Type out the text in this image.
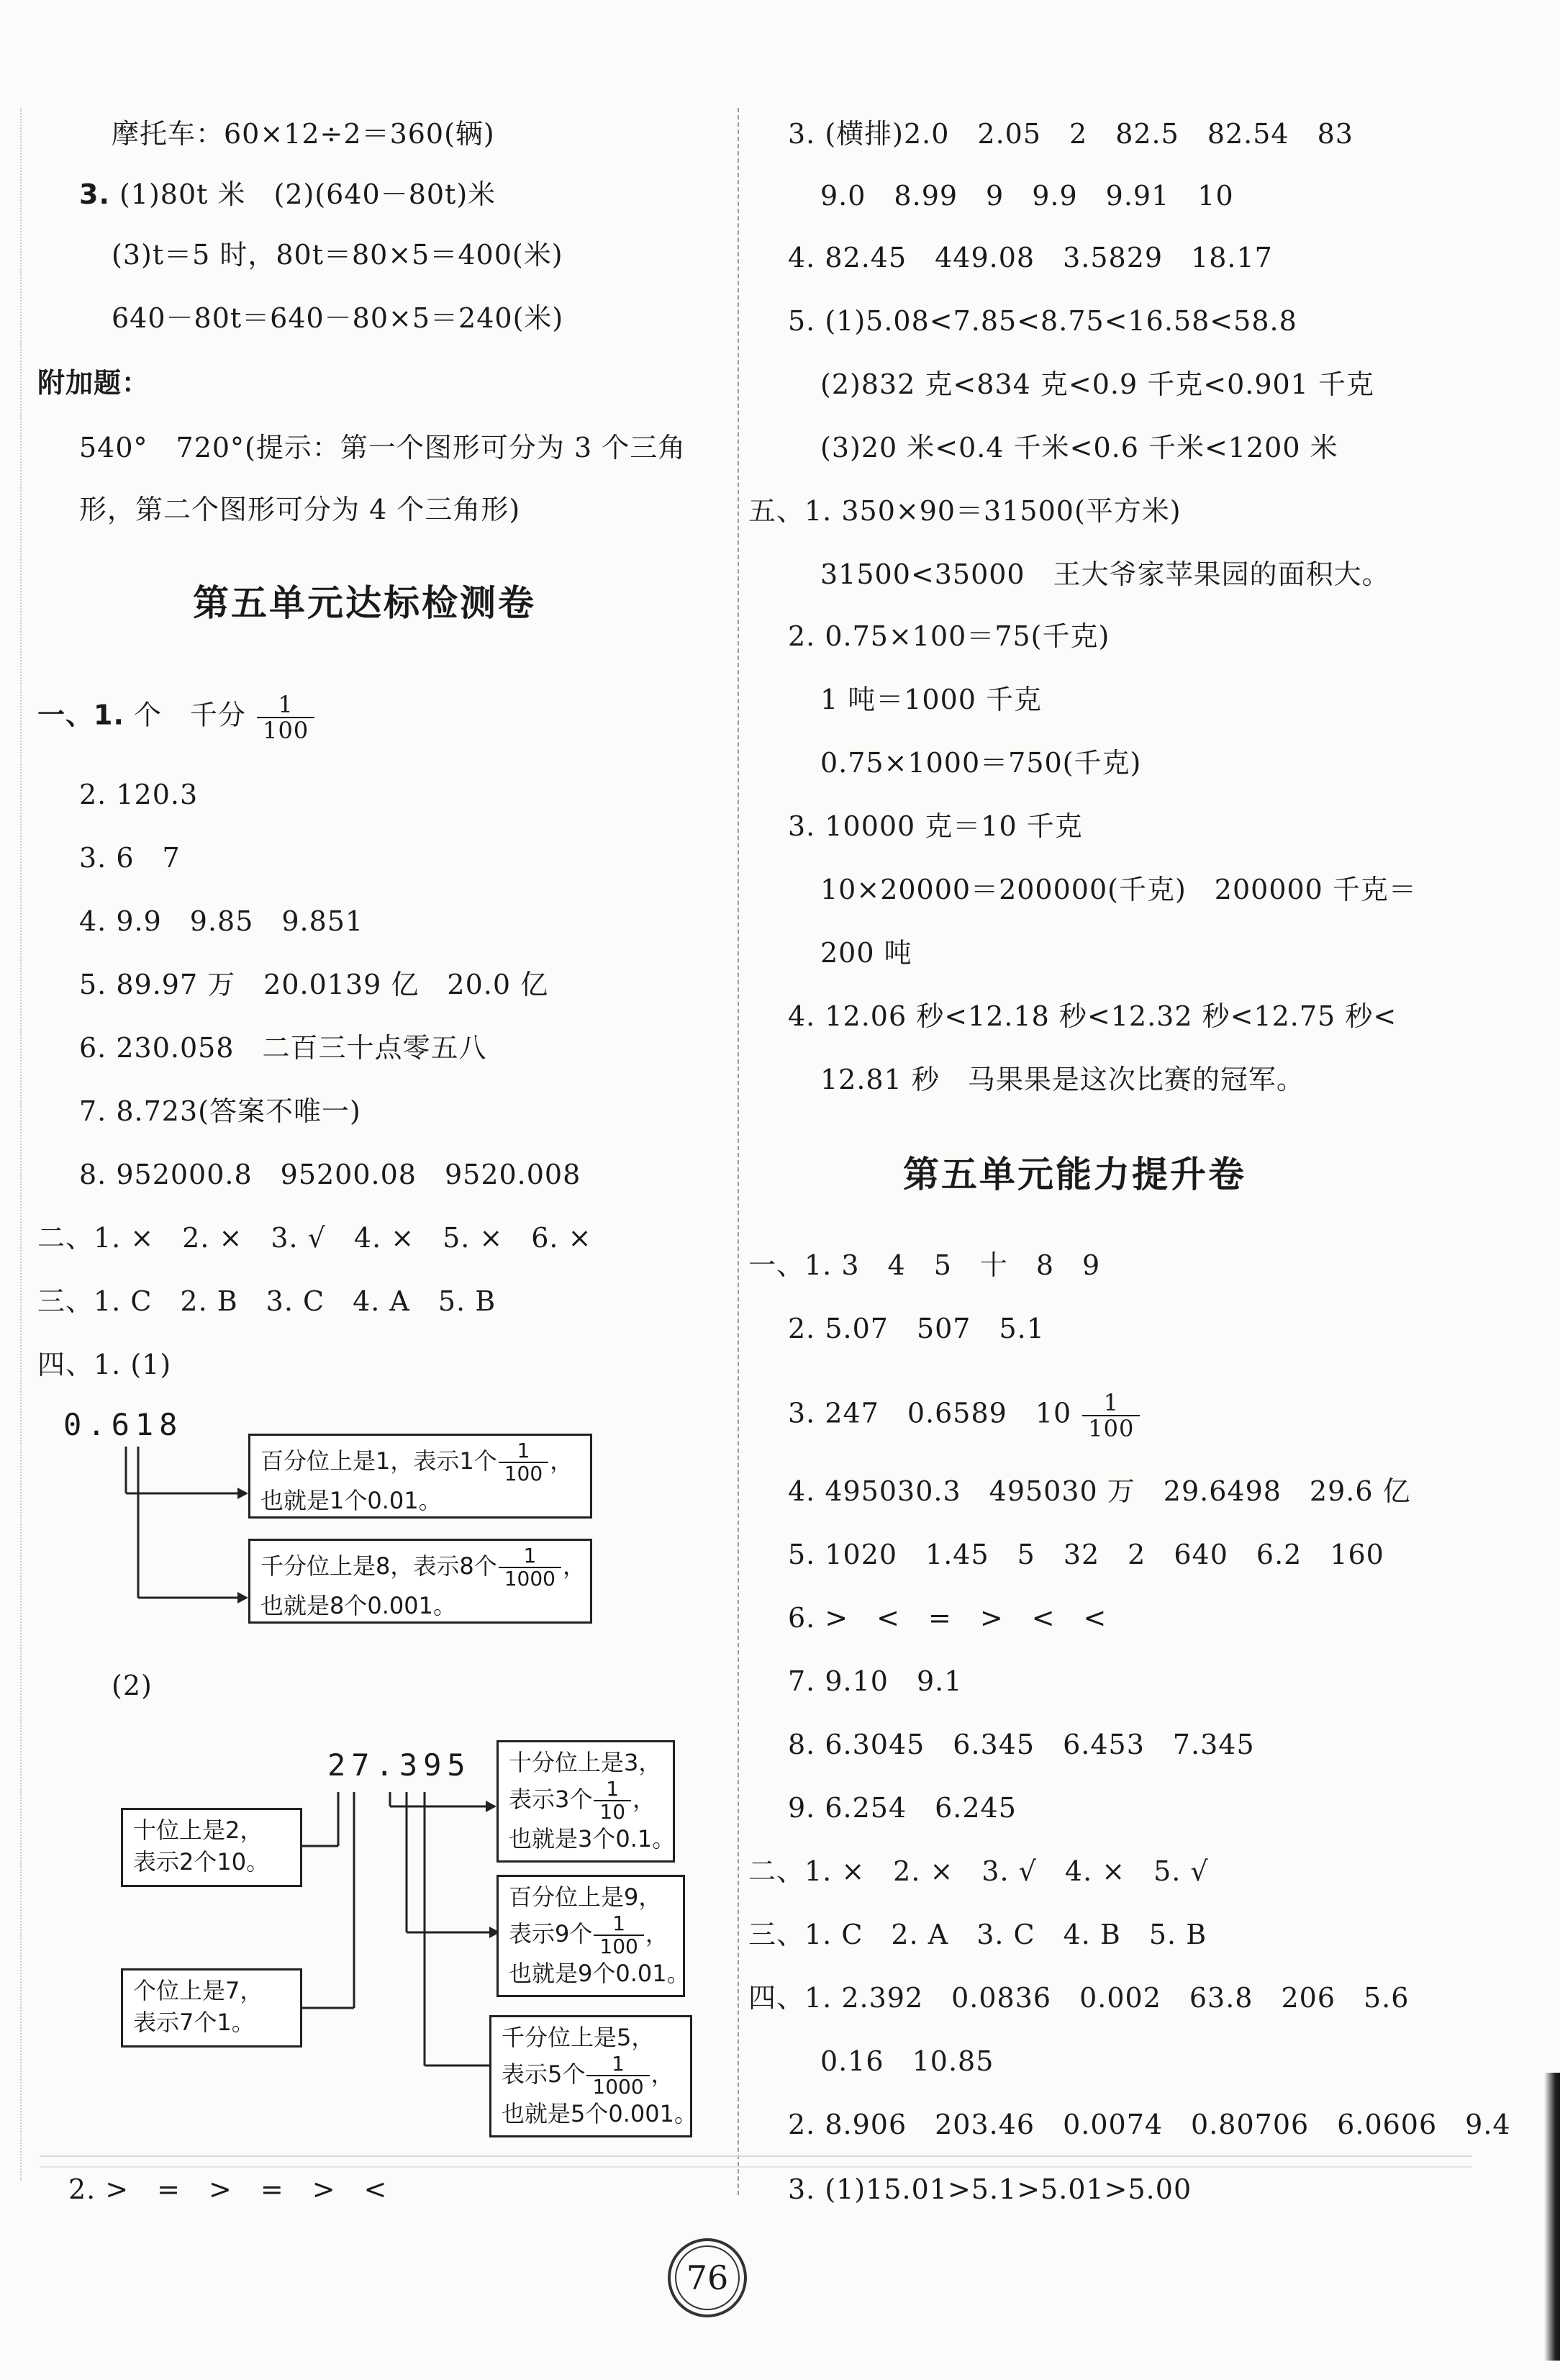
摩托车：60×12÷2＝360(辆)
3. (1)80t 米　(2)(640－80t)米
(3)t＝5 时，80t＝80×5＝400(米)
640－80t＝640－80×5＝240(米)
附加题：
540°　720°(提示：第一个图形可分为 3 个三角
形，第二个图形可分为 4 个三角形)
第五单元达标检测卷
一、1. 个　千分 $\frac{1}{100}$
2. 120.3
3. 6　7
4. 9.9　9.85　9.851
5. 89.97 万　20.0139 亿　20.0 亿
6. 230.058　二百三十点零五八
7. 8.723(答案不唯一)
8. 952000.8　95200.08　9520.008
二、1. ×　2. ×　3. √　4. ×　5. ×　6. ×
三、1. C　2. B　3. C　4. A　5. B
四、1. (1)
0.618
百分位上是1，表示1个 $\frac{1}{100}$ ，
也就是1个0.01。
千分位上是8，表示8个 $\frac{1}{1000}$ ，
也就是8个0.001。
(2)
27.395
十位上是2，
表示2个10。
个位上是7，
表示7个1。
十分位上是3，
表示3个 $\frac{1}{10}$ ，
也就是3个0.1。
百分位上是9，
表示9个 $\frac{1}{100}$ ，
也就是9个0.01。
千分位上是5，
表示5个 $\frac{1}{1000}$ ，
也就是5个0.001。
2. >　=　>　=　>　<
3. (横排)2.0　2.05　2　82.5　82.54　83
9.0　8.99　9　9.9　9.91　10
4. 82.45　449.08　3.5829　18.17
5. (1)5.08<7.85<8.75<16.58<58.8
(2)832 克<834 克<0.9 千克<0.901 千克
(3)20 米<0.4 千米<0.6 千米<1200 米
五、1. 350×90＝31500(平方米)
31500<35000　王大爷家苹果园的面积大。
2. 0.75×100＝75(千克)
1 吨＝1000 千克
0.75×1000＝750(千克)
3. 10000 克＝10 千克
10×20000＝200000(千克)　200000 千克＝
200 吨
4. 12.06 秒<12.18 秒<12.32 秒<12.75 秒<
12.81 秒　马果果是这次比赛的冠军。
第五单元能力提升卷
一、1. 3　4　5　十　8　9
2. 5.07　507　5.1
3. 247　0.6589　$10 \frac{1}{100}$
4. 495030.3　495030 万　29.6498　29.6 亿
5. 1020　1.45　5　32　2　640　6.2　160
6. >　<　=　>　<　<
7. 9.10　9.1
8. 6.3045　6.345　6.453　7.345
9. 6.254　6.245
二、1. ×　2. ×　3. √　4. ×　5. √
三、1. C　2. A　3. C　4. B　5. B
四、1. 2.392　0.0836　0.002　63.8　206　5.6
0.16　10.85
2. 8.906　203.46　0.0074　0.80706　6.0606　9.4
3. (1)15.01>5.1>5.01>5.00
76
